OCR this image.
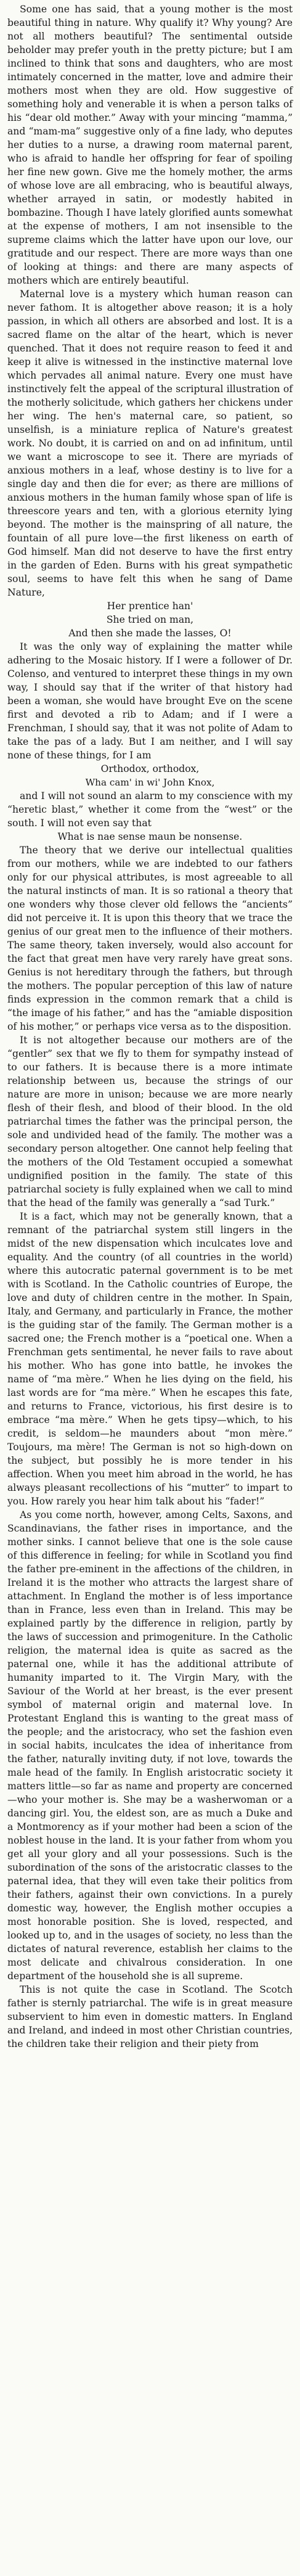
Some one has said, that a young mother is the most beautiful thing in nature. Why qualify it? Why young? Are not all mothers beautiful? The sentimental outside beholder may prefer youth in the pretty picture; but I am inclined to think that sons and daughters, who are most intimately concerned in the matter, love and admire their mothers most when they are old. How suggestive of something holy and venerable it is when a person talks of his “dear old mother.” Away with your mincing “mamma,” and “mam-ma” suggestive only of a fine lady, who deputes her duties to a nurse, a drawing room maternal parent, who is afraid to handle her offspring for fear of spoiling her fine new gown. Give me the homely mother, the arms of whose love are all embracing, who is beautiful always, whether arrayed in satin, or modestly habited in bombazine. Though I have lately glorified aunts somewhat at the expense of mothers, I am not insensible to the supreme claims which the latter have upon our love, our gratitude and our respect. There are more ways than one of looking at things: and there are many aspects of mothers which are entirely beautiful.

Maternal love is a mystery which human reason can never fathom. It is altogether above reason; it is a holy passion, in which all others are absorbed and lost. It is a sacred flame on the altar of the heart, which is never quenched. That it does not require reason to feed it and keep it alive is witnessed in the instinctive maternal love which pervades all animal nature. Every one must have instinctively felt the appeal of the scriptural illustration of the motherly solicitude, which gathers her chickens under her wing. The hen's maternal care, so patient, so unselfish, is a miniature replica of Nature's greatest work. No doubt, it is carried on and on ad infinitum, until we want a microscope to see it. There are myriads of anxious mothers in a leaf, whose destiny is to live for a single day and then die for ever; as there are millions of anxious mothers in the human family whose span of life is threescore years and ten, with a glorious eternity lying beyond. The mother is the mainspring of all nature, the fountain of all pure love—the first likeness on earth of God himself. Man did not deserve to have the first entry in the garden of Eden. Burns with his great sympathetic soul, seems to have felt this when he sang of Dame Nature,

Her prentice han'

She tried on man,

And then she made the lasses, O!

It was the only way of explaining the matter while adhering to the Mosaic history. If I were a follower of Dr. Colenso, and ventured to interpret these things in my own way, I should say that if the writer of that history had been a woman, she would have brought Eve on the scene first and devoted a rib to Adam; and if I were a Frenchman, I should say, that it was not polite of Adam to take the pas of a lady. But I am neither, and I will say none of these things, for I am

Orthodox, orthodox,

Wha cam' in wi' John Knox,

and I will not sound an alarm to my conscience with my “heretic blast,” whether it come from the “west” or the south. I will not even say that

What is nae sense maun be nonsense.

The theory that we derive our intellectual qualities from our mothers, while we are indebted to our fathers only for our physical attributes, is most agreeable to all the natural instincts of man. It is so rational a theory that one wonders why those clever old fellows the “ancients” did not perceive it. It is upon this theory that we trace the genius of our great men to the influence of their mothers. The same theory, taken inversely, would also account for the fact that great men have very rarely have great sons. Genius is not hereditary through the fathers, but through the mothers. The popular perception of this law of nature finds expression in the common remark that a child is “the image of his father,” and has the “amiable disposition of his mother,” or perhaps vice versa as to the disposition.

It is not altogether because our mothers are of the “gentler” sex that we fly to them for sympathy instead of to our fathers. It is because there is a more intimate relationship between us, because the strings of our nature are more in unison; because we are more nearly flesh of their flesh, and blood of their blood. In the old patriarchal times the father was the principal person, the sole and undivided head of the family. The mother was a secondary person altogether. One cannot help feeling that the mothers of the Old Testament occupied a somewhat undignified position in the family. The state of this patriarchal society is fully explained when we call to mind that the head of the family was generally a “sad Turk.”

It is a fact, which may not be generally known, that a remnant of the patriarchal system still lingers in the midst of the new dispensation which inculcates love and equality. And the country (of all countries in the world) where this autocratic paternal government is to be met with is Scotland. In the Catholic countries of Europe, the love and duty of children centre in the mother. In Spain, Italy, and Germany, and particularly in France, the mother is the guiding star of the family. The German mother is a sacred one; the French mother is a “poetical one. When a Frenchman gets sentimental, he never fails to rave about his mother. Who has gone into battle, he invokes the name of “ma mère.” When he lies dying on the field, his last words are for “ma mère.” When he escapes this fate, and returns to France, victorious, his first desire is to embrace “ma mère.” When he gets tipsy—which, to his credit, is seldom—he maunders about “mon mère.” Toujours, ma mère! The German is not so high-down on the subject, but possibly he is more tender in his affection. When you meet him abroad in the world, he has always pleasant recollections of his “mutter” to impart to you. How rarely you hear him talk about his “fader!”

As you come north, however, among Celts, Saxons, and Scandinavians, the father rises in importance, and the mother sinks. I cannot believe that one is the sole cause of this difference in feeling; for while in Scotland you find the father pre-eminent in the affections of the children, in Ireland it is the mother who attracts the largest share of attachment. In England the mother is of less importance than in France, less even than in Ireland. This may be explained partly by the difference in religion, partly by the laws of succession and primogeniture. In the Catholic religion, the maternal idea is quite as sacred as the paternal one, while it has the additional attribute of humanity imparted to it. The Virgin Mary, with the Saviour of the World at her breast, is the ever present symbol of maternal origin and maternal love. In Protestant England this is wanting to the great mass of the people; and the aristocracy, who set the fashion even in social habits, inculcates the idea of inheritance from the father, naturally inviting duty, if not love, towards the male head of the family. In English aristocratic society it matters little—so far as name and property are concerned—who your mother is. She may be a washerwoman or a dancing girl. You, the eldest son, are as much a Duke and a Montmorency as if your mother had been a scion of the noblest house in the land. It is your father from whom you get all your glory and all your possessions. Such is the subordination of the sons of the aristocratic classes to the paternal idea, that they will even take their politics from their fathers, against their own convictions. In a purely domestic way, however, the English mother occupies a most honorable position. She is loved, respected, and looked up to, and in the usages of society, no less than the dictates of natural reverence, establish her claims to the most delicate and chivalrous consideration. In one department of the household she is all supreme.

This is not quite the case in Scotland. The Scotch father is sternly patriarchal. The wife is in great measure subservient to him even in domestic matters. In England and Ireland, and indeed in most other Christian countries, the children take their religion and their piety from
